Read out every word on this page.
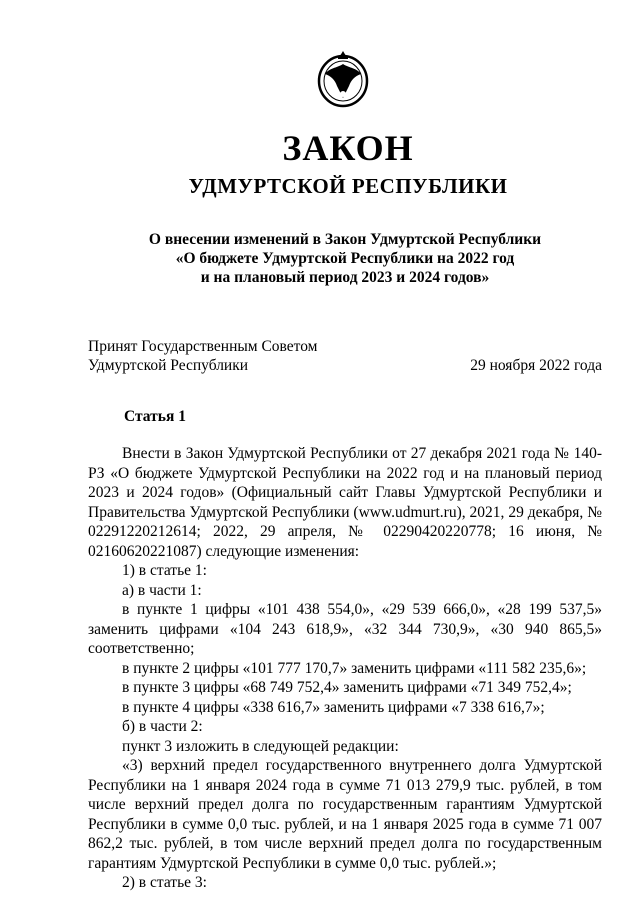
ЗАКОН
УДМУРТСКОЙ РЕСПУБЛИКИ
О внесении изменений в Закон Удмуртской Республики
«О бюджете Удмуртской Республики на 2022 год
и на плановый период 2023 и 2024 годов»
Принят Государственным Советом
Удмуртской Республики	29 ноября 2022 года
Статья 1

Внести в Закон Удмуртской Республики от 27 декабря 2021 года № 140-РЗ «О бюджете Удмуртской Республики на 2022 год и на плановый период 2023 и 2024 годов» (Официальный сайт Главы Удмуртской Республики и Правительства Удмуртской Республики (www.udmurt.ru), 2021, 29 декабря, № 02291220212614; 2022, 29 апреля, № 02290420220778; 16 июня, № 02160620221087) следующие изменения:

1) в статье 1:

а) в части 1:

в пункте 1 цифры «101 438 554,0», «29 539 666,0», «28 199 537,5» заменить цифрами «104 243 618,9», «32 344 730,9», «30 940 865,5» соответственно;

в пункте 2 цифры «101 777 170,7» заменить цифрами «111 582 235,6»;

в пункте 3 цифры «68 749 752,4» заменить цифрами «71 349 752,4»;

в пункте 4 цифры «338 616,7» заменить цифрами «7 338 616,7»;

б) в части 2:

пункт 3 изложить в следующей редакции:

«3) верхний предел государственного внутреннего долга Удмуртской Республики на 1 января 2024 года в сумме 71 013 279,9 тыс. рублей, в том числе верхний предел долга по государственным гарантиям Удмуртской Республики в сумме 0,0 тыс. рублей, и на 1 января 2025 года в сумме 71 007 862,2 тыс. рублей, в том числе верхний предел долга по государственным гарантиям Удмуртской Республики в сумме 0,0 тыс. рублей.»;

2) в статье 3:
